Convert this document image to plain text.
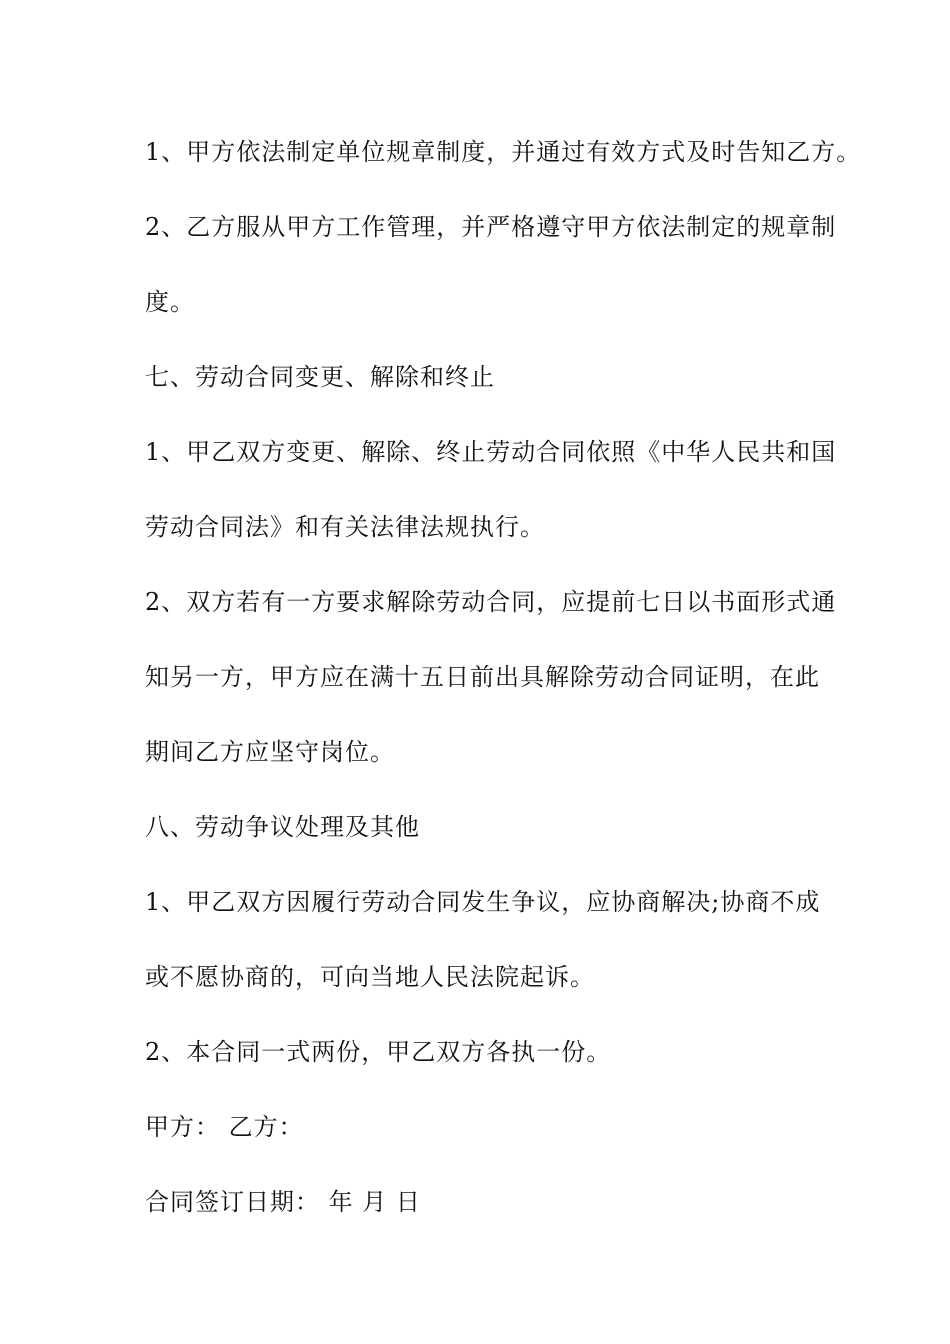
1、甲方依法制定单位规章制度，并通过有效方式及时告知乙方。
2、乙方服从甲方工作管理，并严格遵守甲方依法制定的规章制
度。
七、劳动合同变更、解除和终止
1、甲乙双方变更、解除、终止劳动合同依照《中华人民共和国
劳动合同法》和有关法律法规执行。
2、双方若有一方要求解除劳动合同，应提前七日以书面形式通
知另一方，甲方应在满十五日前出具解除劳动合同证明，在此
期间乙方应坚守岗位。
八、劳动争议处理及其他
1、甲乙双方因履行劳动合同发生争议，应协商解决;协商不成
或不愿协商的，可向当地人民法院起诉。
2、本合同一式两份，甲乙双方各执一份。
甲方： 乙方：
合同签订日期： 年 月 日
